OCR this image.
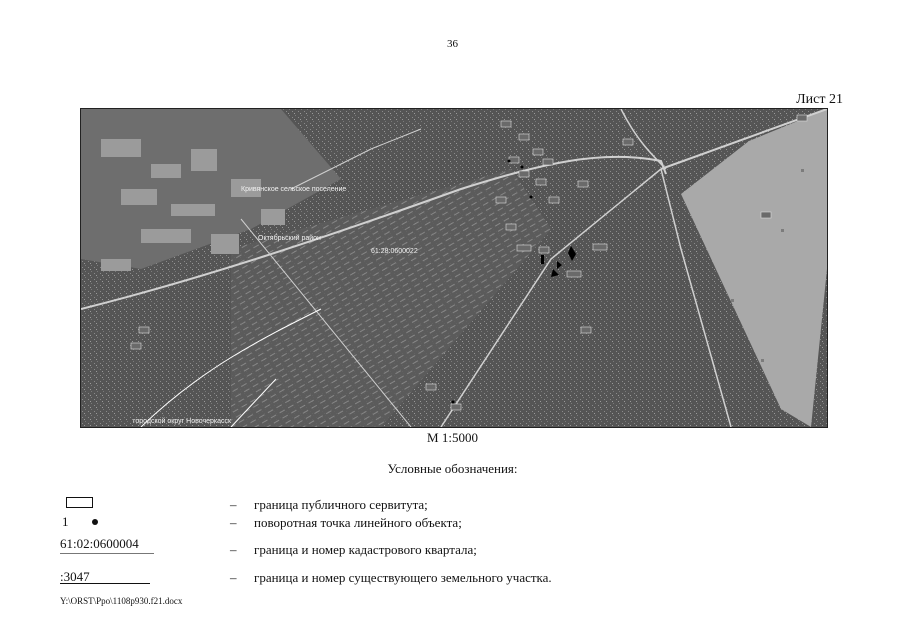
36
Лист 21
Кривянское сельское поселение
Октябрьский район
61:28:0600022
городской округ Новочеркасск
М 1:5000
Условные обозначения:
– граница публичного сервитута;
1	– поворотная точка линейного объекта;
61:02:0600004	– граница и номер кадастрового квартала;
:3047	– граница и номер существующего земельного участка.
Y:\ORST\Ppo\1108p930.f21.docx
